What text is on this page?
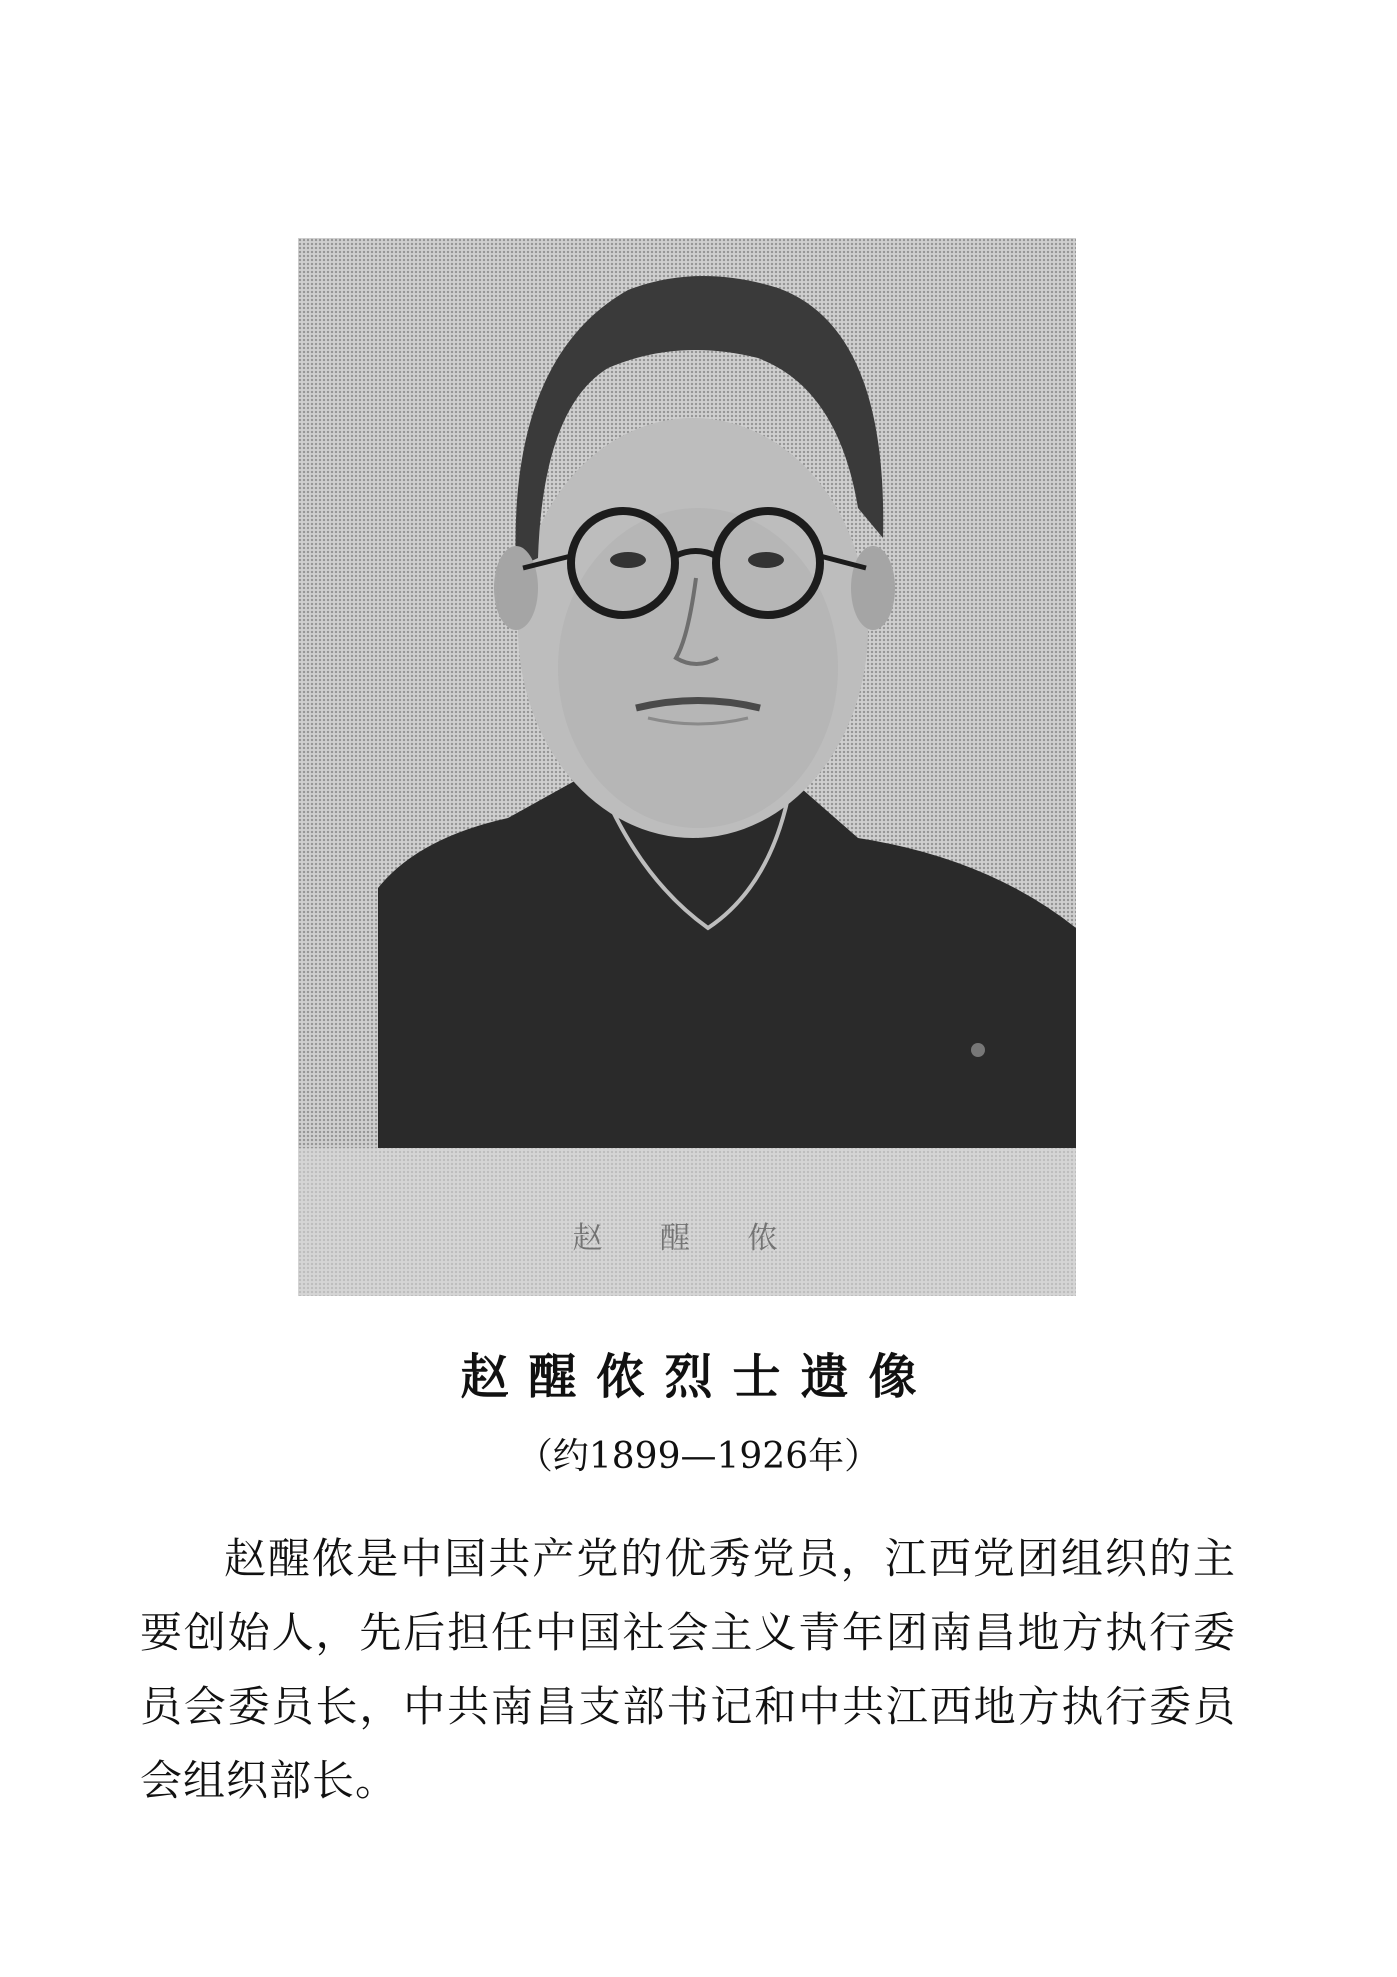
赵 醒 侬
赵醒侬烈士遗像
（约1899—1926年）
赵醒侬是中国共产党的优秀党员，江西党团组织的主要创始人，先后担任中国社会主义青年团南昌地方执行委员会委员长，中共南昌支部书记和中共江西地方执行委员会组织部长。
